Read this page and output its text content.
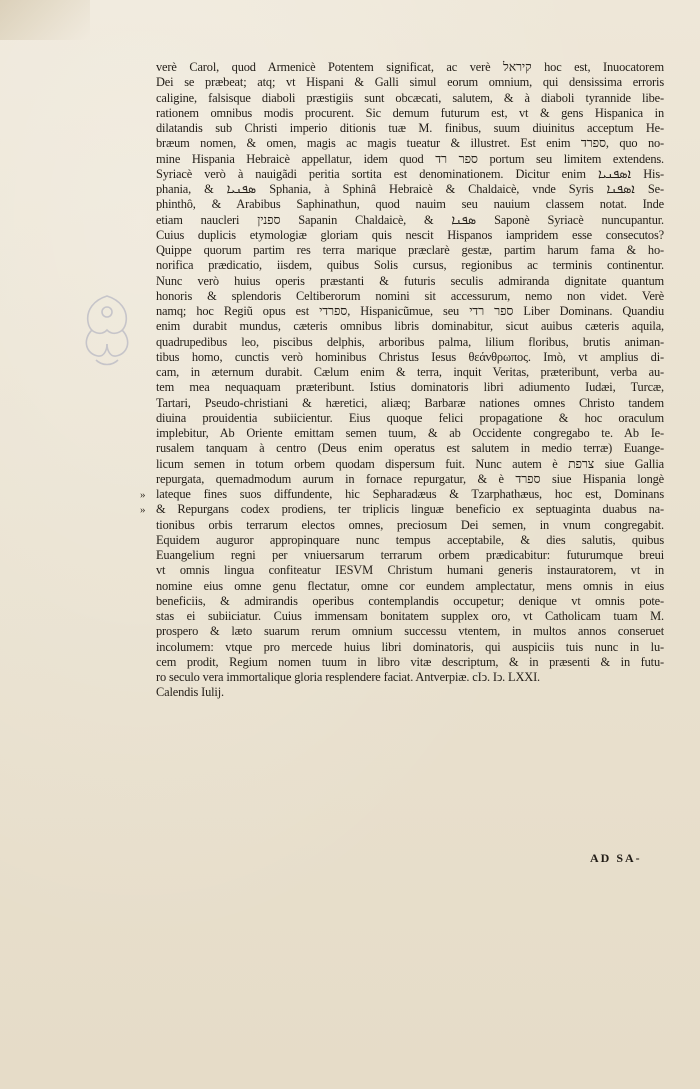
verè Carol, quod Armenicè Potentem significat, ac verè קיראל hoc est, Inuocatorem
Dei se præbeat; atq; vt Hispani & Galli simul eorum omnium, qui densissima erroris
caligine, falsisque diaboli præstigiis sunt obcæcati, salutem, & à diaboli tyrannide libe-
rationem omnibus modis procurent. Sic demum futurum est, vt & gens Hispanica in
dilatandis sub Christi imperio ditionis tuæ M. finibus, suum diuinitus acceptum He-
bræum nomen, & omen, magis ac magis tueatur & illustret. Est enim ספרד, quo no-
mine Hispania Hebraicè appellatur, idem quod ספר רד portum seu limitem extendens.
Syriacè verò à nauigãdi peritia sortita est denominationem. Dicitur enim ܐܣܦܢܝܐ His-
phania, & ܣܦܢܝܐ Sphania, à Sphinâ Hebraicè & Chaldaicè, vnde Syris ܐܣܦܢܐ Se-
phinthô, & Arabibus Saphinathun, quod nauim seu nauium classem notat. Inde
etiam naucleri ספנין Sapanin Chaldaicè, & ܣܦܢܐ Saponè Syriacè nuncupantur.
Cuius duplicis etymologiæ gloriam quis nescit Hispanos iampridem esse consecutos?
Quippe quorum partim res terra marique præclarè gestæ, partim harum fama & ho-
norifica prædicatio, iisdem, quibus Solis cursus, regionibus ac terminis continentur.
Nunc verò huius operis præstanti & futuris seculis admiranda dignitate quantum
honoris & splendoris Celtiberorum nomini sit accessurum, nemo non videt. Verè
namq; hoc Regiũ opus est ספרדי, Hispanicũmue, seu ספר רדי Liber Dominans. Quandiu
enim durabit mundus, cæteris omnibus libris dominabitur, sicut auibus cæteris aquila,
quadrupedibus leo, piscibus delphis, arboribus palma, lilium floribus, brutis animan-
tibus homo, cunctis verò hominibus Christus Iesus θεάνθρωπος. Imò, vt amplius di-
cam, in æternum durabit. Cælum enim & terra, inquit Veritas, præteribunt, verba au-
tem mea nequaquam præteribunt. Istius dominatoris libri adiumento Iudæi, Turcæ,
Tartari, Pseudo-christiani & hæretici, aliæq; Barbaræ nationes omnes Christo tandem
diuina prouidentia subiicientur. Eius quoque felici propagatione & hoc oraculum
implebitur, Ab Oriente emittam semen tuum, & ab Occidente congregabo te. Ab Ie-
rusalem tanquam à centro (Deus enim operatus est salutem in medio terræ) Euange-
licum semen in totum orbem quodam dispersum fuit. Nunc autem è צרפת siue Gallia
repurgata, quemadmodum aurum in fornace repurgatur, & è ספרד siue Hispania longè
lateque fines suos diffundente, hic Sepharadæus & Tzarphathæus, hoc est, Dominans
& Repurgans codex prodiens, ter triplicis linguæ beneficio ex septuaginta duabus na-
tionibus orbis terrarum electos omnes, preciosum Dei semen, in vnum congregabit.
Equidem auguror appropinquare nunc tempus acceptabile, & dies salutis, quibus
Euangelium regni per vniuersarum terrarum orbem prædicabitur: futurumque breui
vt omnis lingua confiteatur IESVM Christum humani generis instauratorem, vt in
nomine eius omne genu flectatur, omne cor eundem amplectatur, mens omnis in eius
beneficiis, & admirandis operibus contemplandis occupetur; denique vt omnis pote-
stas ei subiiciatur. Cuius immensam bonitatem supplex oro, vt Catholicam tuam M.
prospero & læto suarum rerum omnium successu vtentem, in multos annos conseruet
incolumem: vtque pro mercede huius libri dominatoris, qui auspiciis tuis nunc in lu-
cem prodit, Regium nomen tuum in libro vitæ descriptum, & in præsenti & in futu-
ro seculo vera immortalique gloria resplendere faciat. Antverpiæ. cIↄ. Iↄ. LXXI.
Calendis Iulij.
»
»
AD SA-
